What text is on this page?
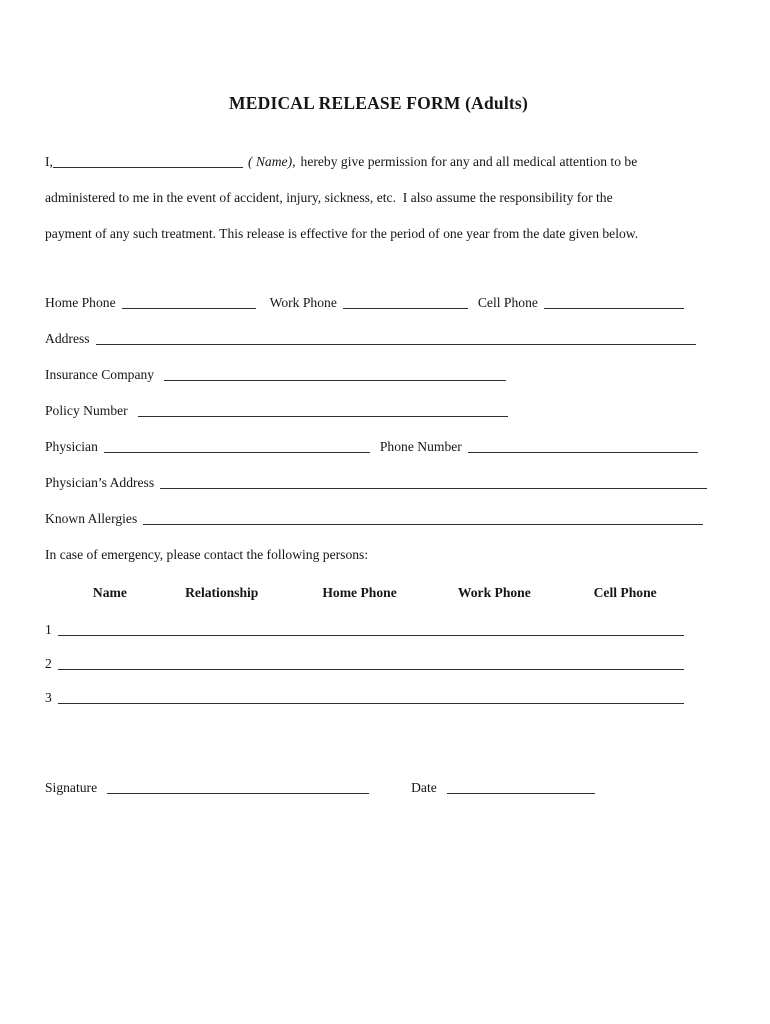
MEDICAL RELEASE FORM (Adults)
I,	( Name), hereby give permission for any and all medical attention to be
administered to me in the event of accident, injury, sickness, etc.  I also assume the responsibility for the
payment of any such treatment. This release is effective for the period of one year from the date given below.
Home Phone	Work Phone	Cell Phone
Address
Insurance Company
Policy Number
Physician	Phone Number
Physician’s Address
Known Allergies
In case of emergency, please contact the following persons:
Name	Relationship	Home Phone	Work Phone	Cell Phone
1
2
3
Signature	Date
